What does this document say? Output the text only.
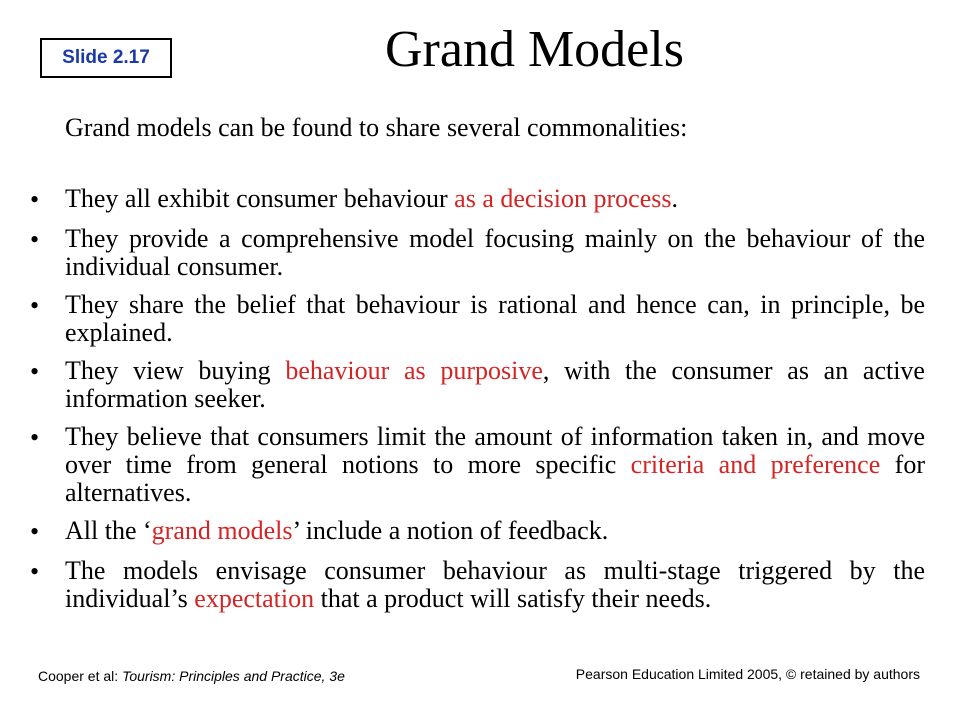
Slide 2.17	Grand Models
Grand models can be found to share several commonalities:
• They all exhibit consumer behaviour as a decision process.
• They provide a comprehensive model focusing mainly on the behaviour of the individual consumer.
• They share the belief that behaviour is rational and hence can, in principle, be explained.
• They view buying behaviour as purposive, with the consumer as an active information seeker.
• They believe that consumers limit the amount of information taken in, and move over time from general notions to more specific criteria and preference for alternatives.
• All the ‘grand models’ include a notion of feedback.
• The models envisage consumer behaviour as multi-stage triggered by the individual’s expectation that a product will satisfy their needs.
Cooper et al: Tourism: Principles and Practice, 3e	Pearson Education Limited 2005, © retained by authors
